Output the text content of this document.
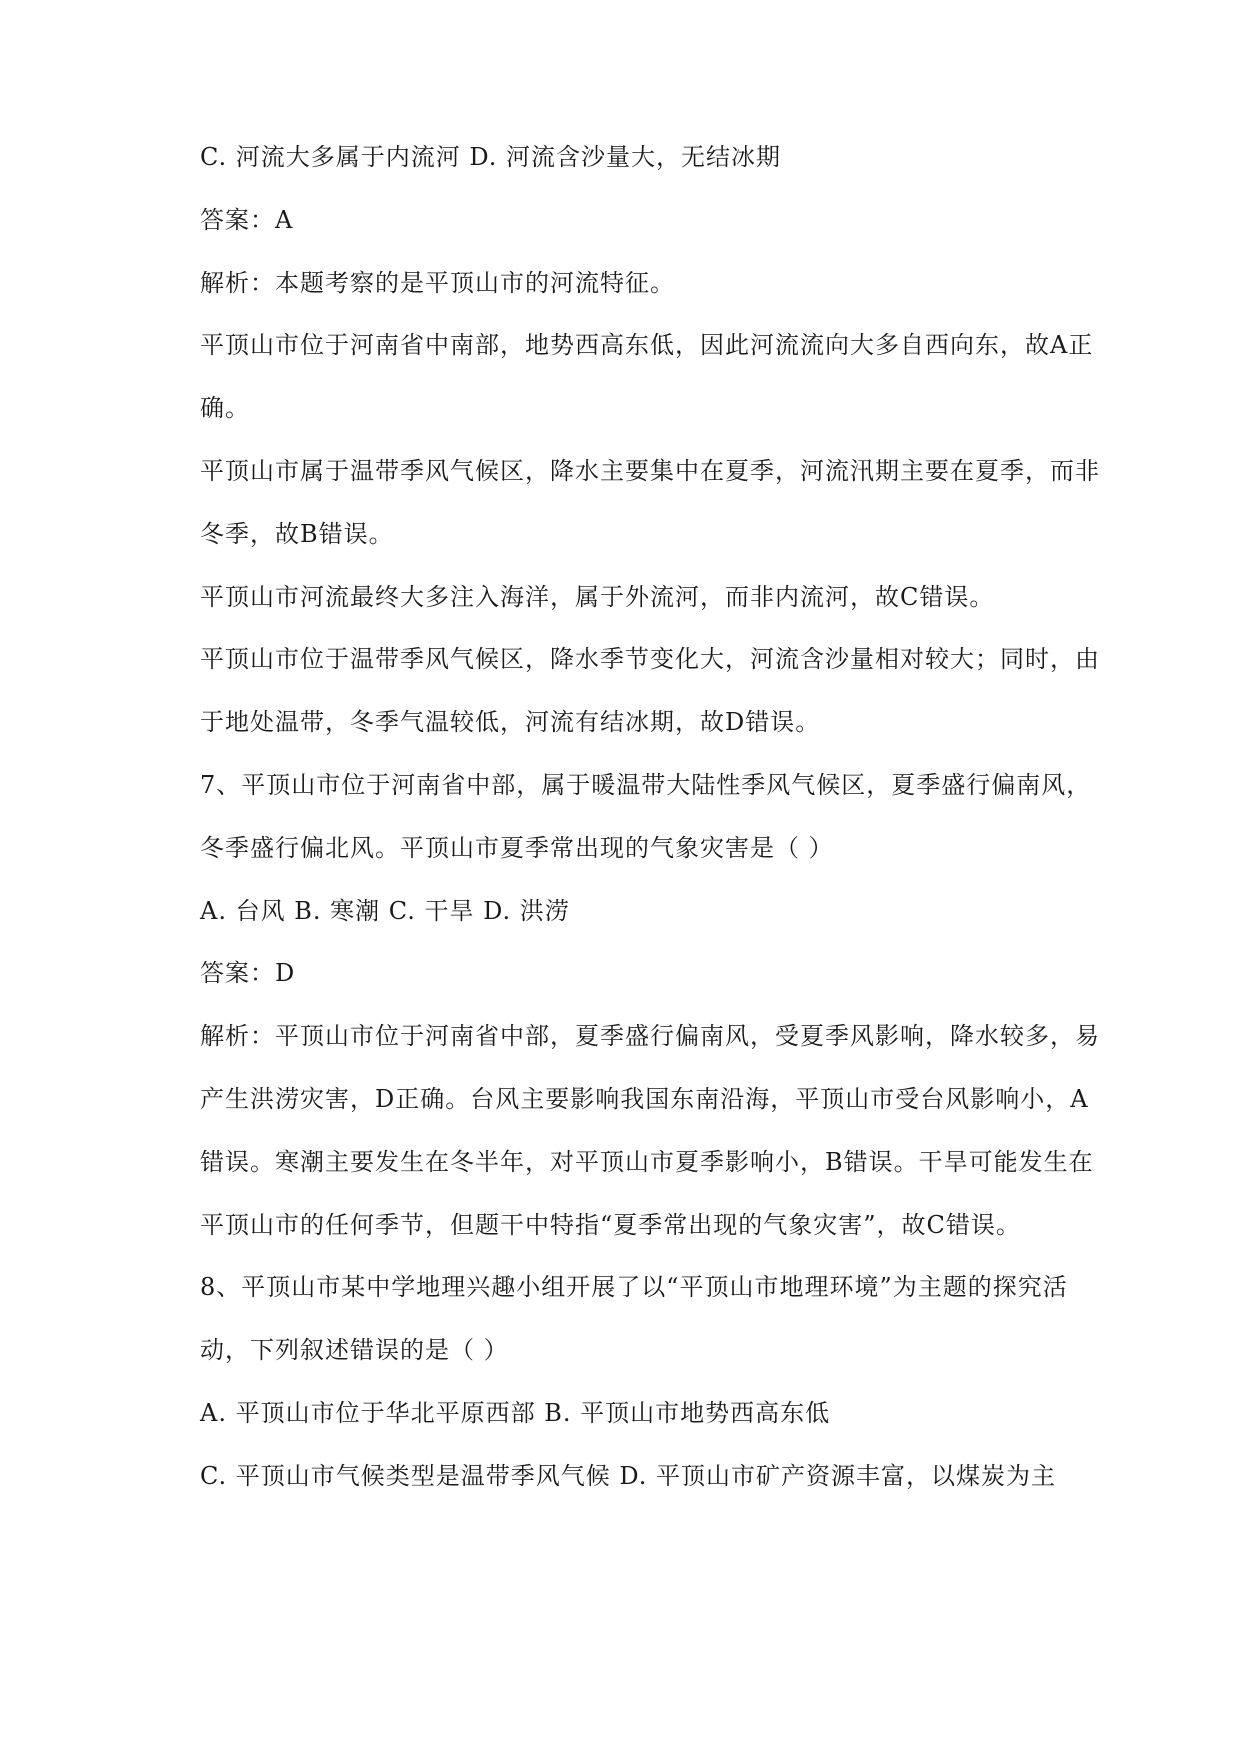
C. 河流大多属于内流河 D. 河流含沙量大，无结冰期

答案：A

解析：本题考察的是平顶山市的河流特征。

平顶山市位于河南省中南部，地势西高东低，因此河流流向大多自西向东，故A正

确。

平顶山市属于温带季风气候区，降水主要集中在夏季，河流汛期主要在夏季，而非

冬季，故B错误。

平顶山市河流最终大多注入海洋，属于外流河，而非内流河，故C错误。

平顶山市位于温带季风气候区，降水季节变化大，河流含沙量相对较大；同时，由

于地处温带，冬季气温较低，河流有结冰期，故D错误。

7、平顶山市位于河南省中部，属于暖温带大陆性季风气候区，夏季盛行偏南风，

冬季盛行偏北风。平顶山市夏季常出现的气象灾害是（ ）

A. 台风 B. 寒潮 C. 干旱 D. 洪涝

答案：D

解析：平顶山市位于河南省中部，夏季盛行偏南风，受夏季风影响，降水较多，易

产生洪涝灾害，D正确。台风主要影响我国东南沿海，平顶山市受台风影响小，A

错误。寒潮主要发生在冬半年，对平顶山市夏季影响小，B错误。干旱可能发生在

平顶山市的任何季节，但题干中特指“夏季常出现的气象灾害”，故C错误。

8、平顶山市某中学地理兴趣小组开展了以“平顶山市地理环境”为主题的探究活

动，下列叙述错误的是（ ）

A. 平顶山市位于华北平原西部 B. 平顶山市地势西高东低

C. 平顶山市气候类型是温带季风气候 D. 平顶山市矿产资源丰富，以煤炭为主
